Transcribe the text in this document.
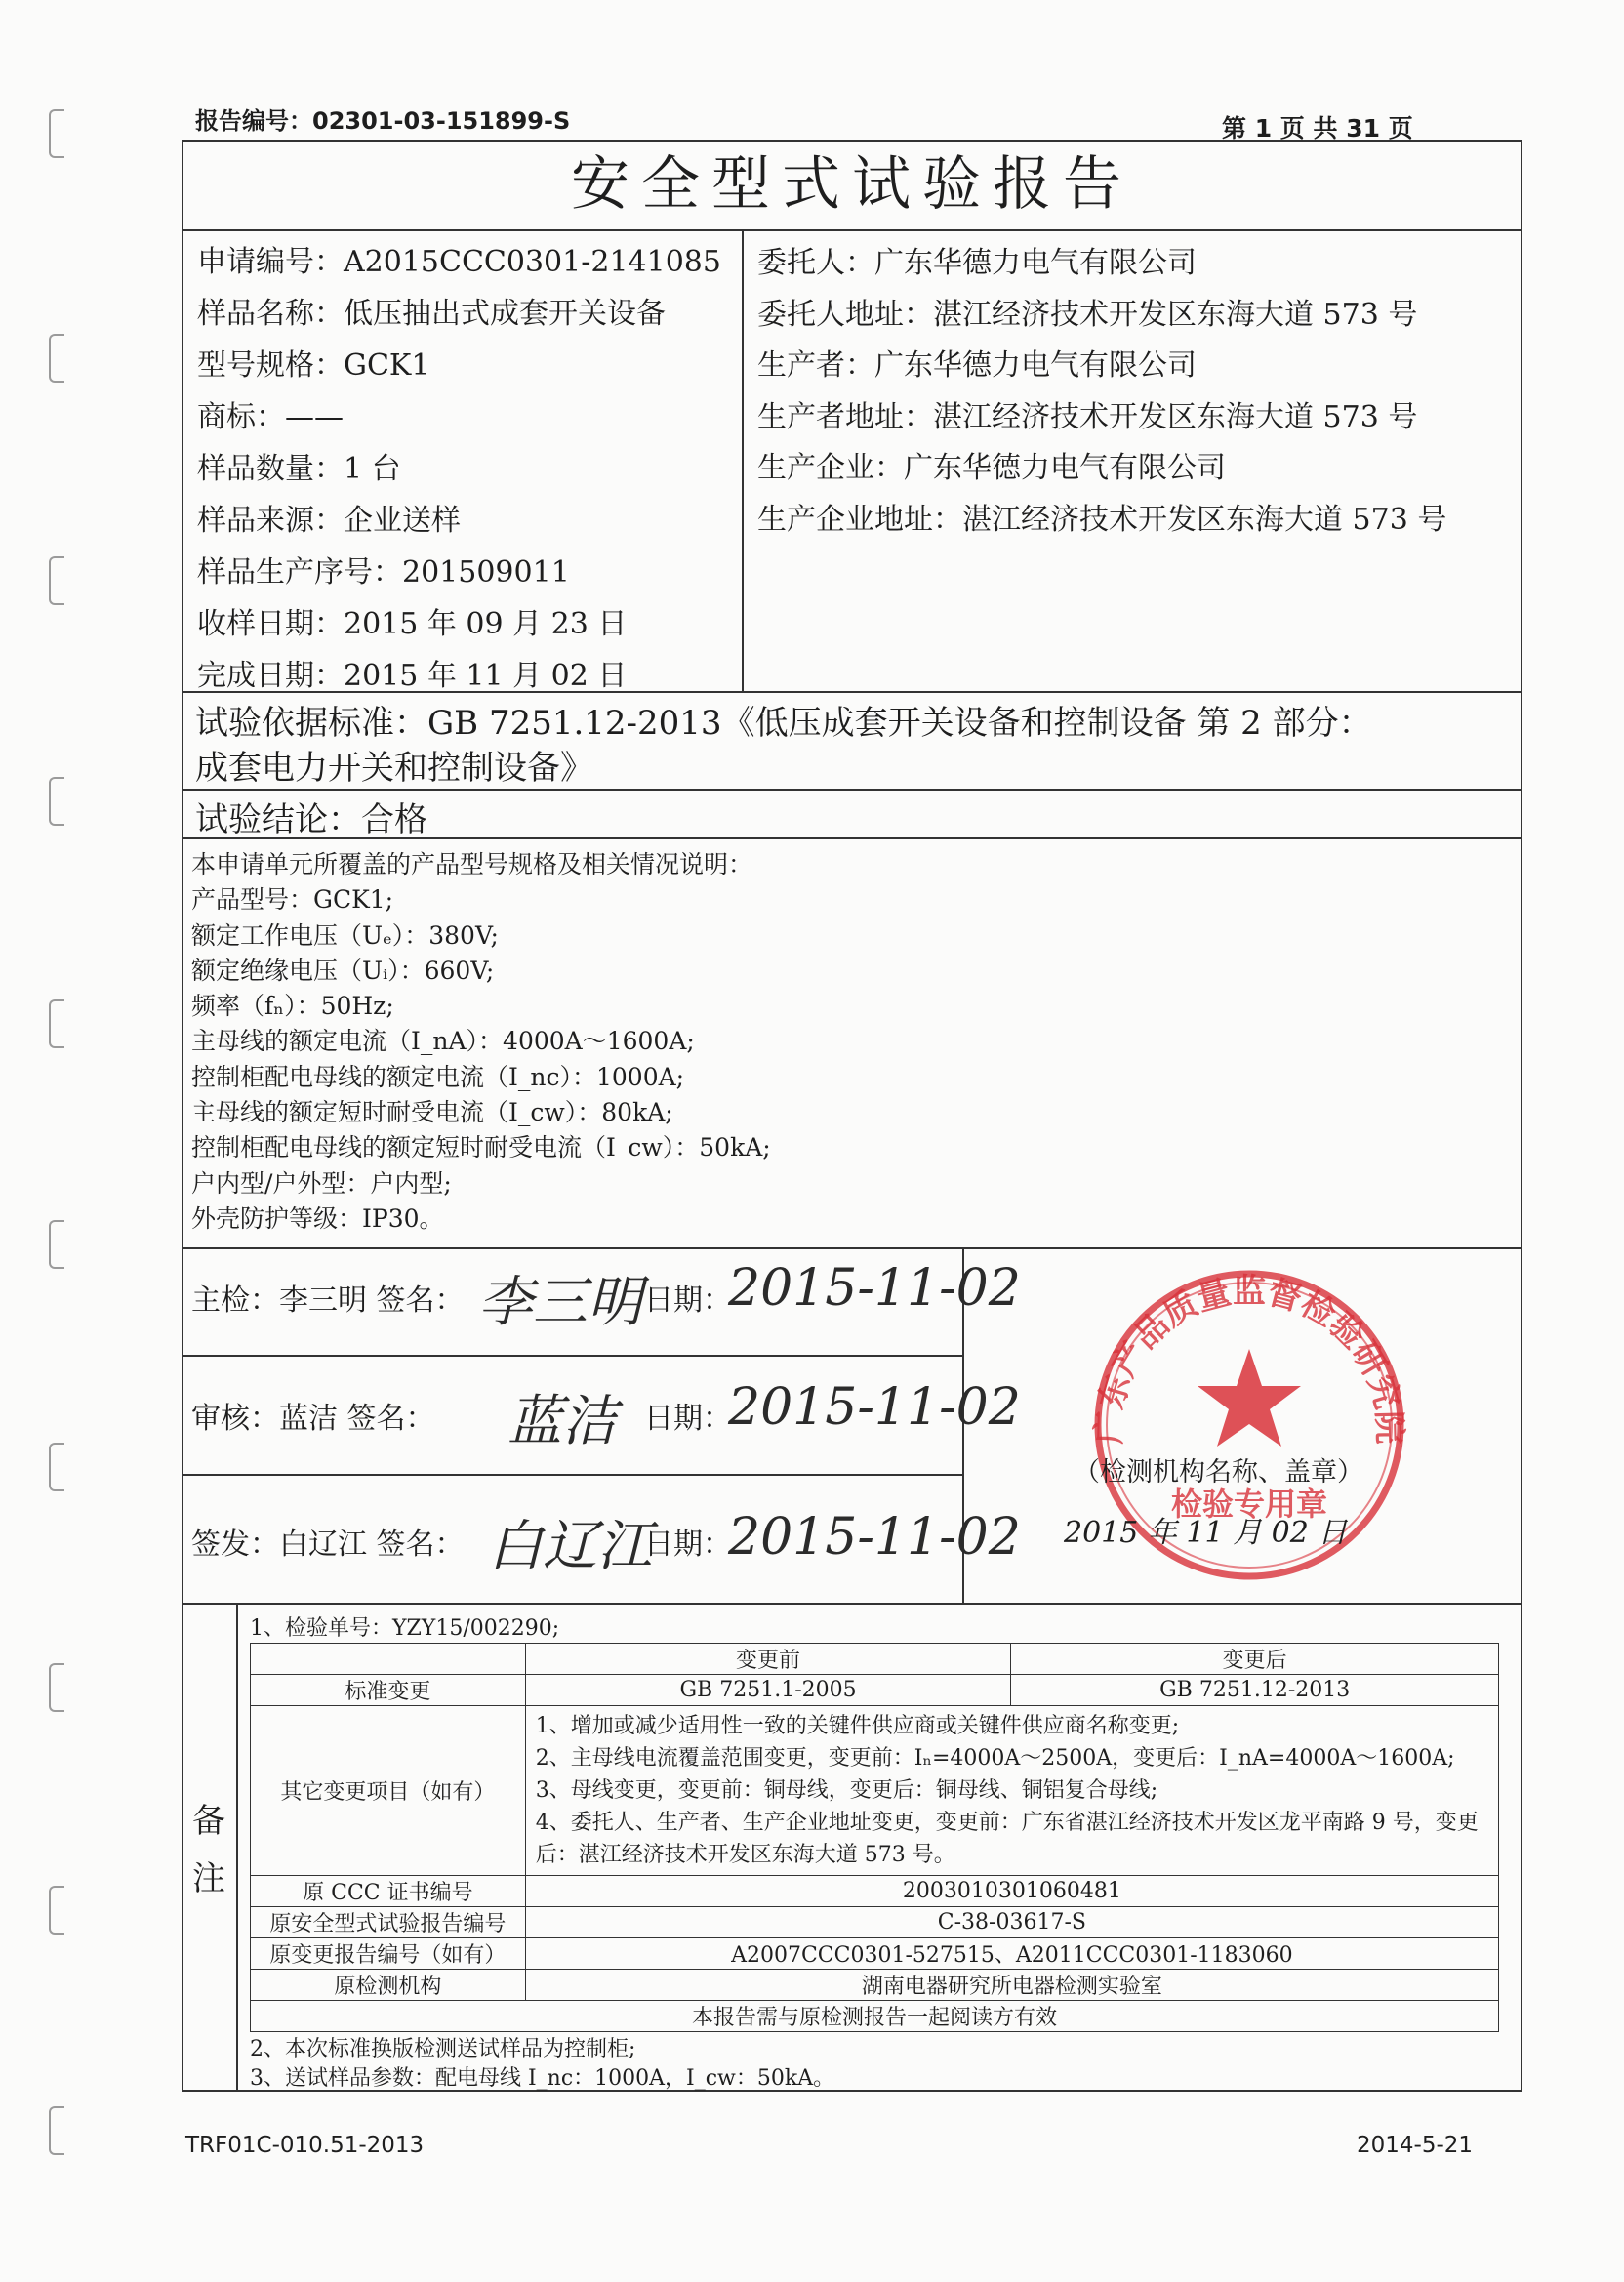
报告编号：02301-03-151899-S	第 1 页 共 31 页
安全型式试验报告
申请编号：A2015CCC0301-2141085
样品名称：低压抽出式成套开关设备
型号规格：GCK1
商标：——
样品数量：1 台
样品来源：企业送样
样品生产序号：201509011
收样日期：2015 年 09 月 23 日
完成日期：2015 年 11 月 02 日
委托人：广东华德力电气有限公司
委托人地址：湛江经济技术开发区东海大道 573 号
生产者：广东华德力电气有限公司
生产者地址：湛江经济技术开发区东海大道 573 号
生产企业：广东华德力电气有限公司
生产企业地址：湛江经济技术开发区东海大道 573 号
试验依据标准：GB 7251.12-2013《低压成套开关设备和控制设备 第 2 部分：
成套电力开关和控制设备》
试验结论：合格
本申请单元所覆盖的产品型号规格及相关情况说明：
产品型号：GCK1;
额定工作电压（Uₑ）：380V;
额定绝缘电压（Uᵢ）：660V;
频率（fₙ）：50Hz;
主母线的额定电流（I_nA）：4000A～1600A;
控制柜配电母线的额定电流（I_nc）：1000A;
主母线的额定短时耐受电流（I_cw）：80kA;
控制柜配电母线的额定短时耐受电流（I_cw）：50kA;
户内型/户外型：户内型;
外壳防护等级：IP30。
主检：李三明 签名： 李三明 日期：
2015-11-02
审核：蓝洁 签名： 蓝洁 日期：
2015-11-02
签发：白辽江 签名： 白辽江
日期：
2015-11-02
广东产品质量监督检验研究院
检验专用章
（检测机构名称、盖章）
2015 年 11 月 02 日
备
注
1、检验单号：YZY15/002290;
	变更前	变更后
标准变更	GB 7251.1-2005	GB 7251.12-2013
其它变更项目（如有）	1、增加或减少适用性一致的关键件供应商或关键件供应商名称变更;
2、主母线电流覆盖范围变更，变更前：Iₙ=4000A～2500A，变更后：I_nA=4000A～1600A;
3、母线变更，变更前：铜母线，变更后：铜母线、铜铝复合母线;
4、委托人、生产者、生产企业地址变更，变更前：广东省湛江经济技术开发区龙平南路 9 号，变更后：湛江经济技术开发区东海大道 573 号。	

原 CCC 证书编号	2003010301060481	
原安全型式试验报告编号	C-38-03617-S	
原变更报告编号（如有）	A2007CCC0301-527515、A2011CCC0301-1183060	
原检测机构	湖南电器研究所电器检测实验室	
本报告需与原检测报告一起阅读方有效		
2、本次标准换版检测送试样品为控制柜;
3、送试样品参数：配电母线 I_nc：1000A，I_cw：50kA。
TRF01C-010.51-2013	2014-5-21
